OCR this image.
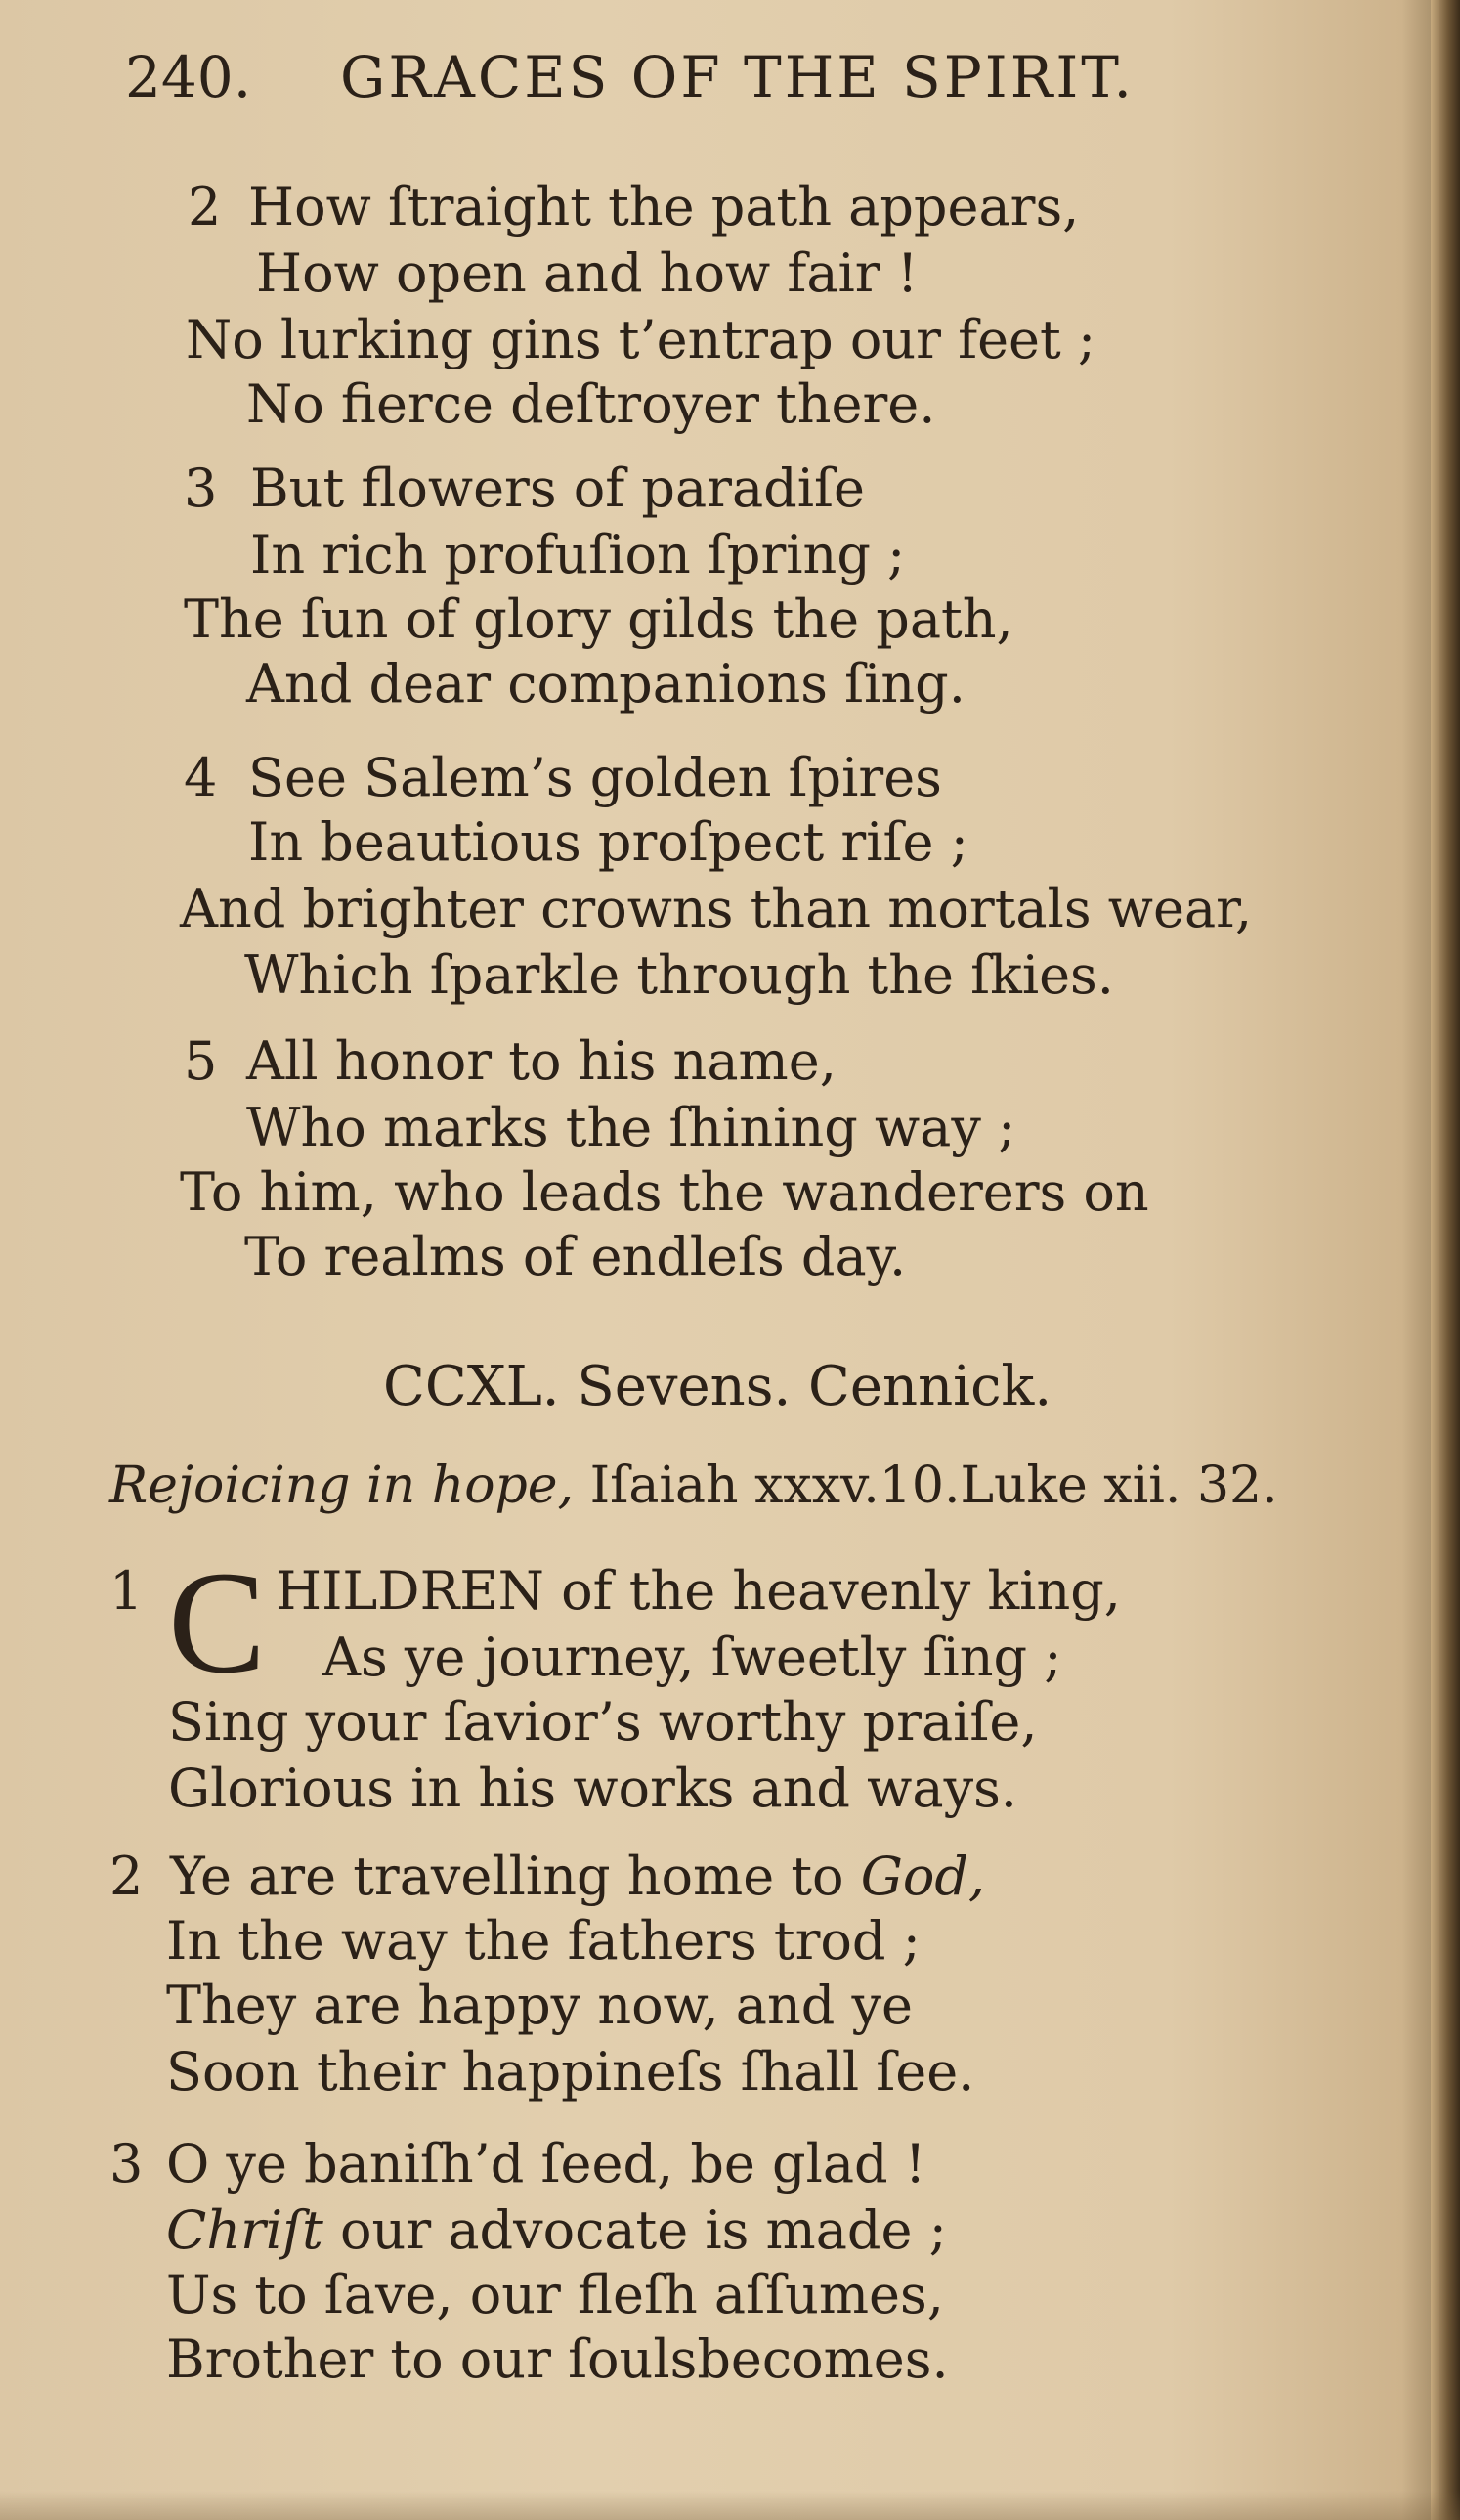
240. GRACES OF THE SPIRIT.
2 How ſtraight the path appears,
How open and how fair !
No lurking gins t’entrap our feet ;
No fierce deſtroyer there.
3 But flowers of paradiſe
In rich profuſion ſpring ;
The ſun of glory gilds the path,
And dear companions ſing.
4 See Salem’s golden ſpires
In beautious proſpect riſe ;
And brighter crowns than mortals wear,
Which ſparkle through the ſkies.
5 All honor to his name,
Who marks the ſhining way ;
To him, who leads the wanderers on
To realms of endleſs day.
CCXL. Sevens. Cennick.
Rejoicing in hope, Iſaiah xxxv.10.Luke xii. 32.
1 C HILDREN of the heavenly king,
As ye journey, ſweetly ſing ;
Sing your ſavior’s worthy praiſe,
Glorious in his works and ways.
2 Ye are travelling home to God,
In the way the fathers trod ;
They are happy now, and ye
Soon their happineſs ſhall ſee.
3 O ye baniſh’d ſeed, be glad !
Chriſt our advocate is made ;
Us to ſave, our fleſh aſſumes,
Brother to our ſoulsbecomes.
